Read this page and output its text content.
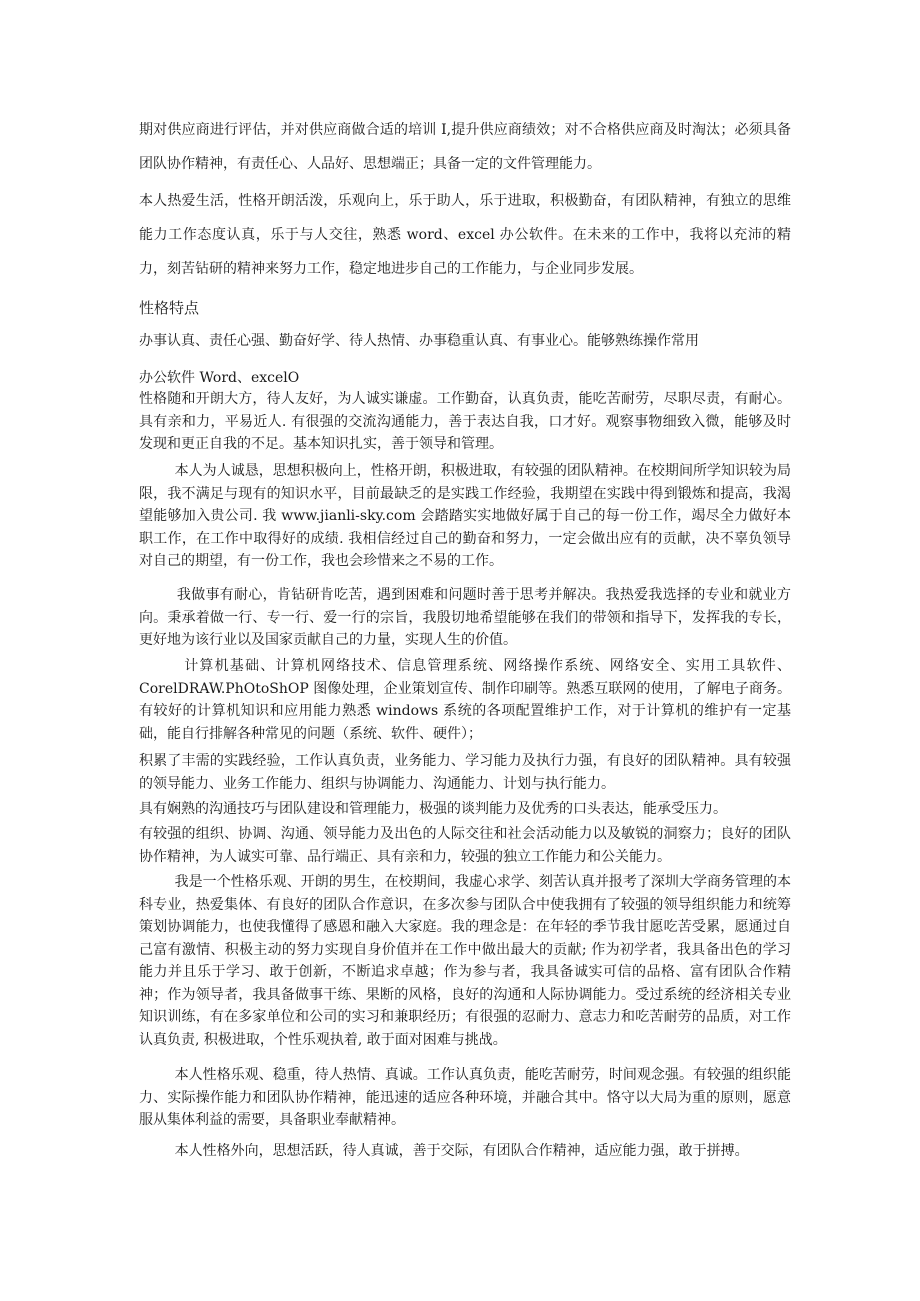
期对供应商进行评估，并对供应商做合适的培训 I,提升供应商绩效；对不合格供应商及时淘汰；必须具备团队协作精神，有责任心、人品好、思想端正；具备一定的文件管理能力。

本人热爱生活，性格开朗活泼，乐观向上，乐于助人，乐于进取，积极勤奋，有团队精神，有独立的思维能力工作态度认真，乐于与人交往，熟悉 word、excel 办公软件。在未来的工作中，我将以充沛的精力，刻苦钻研的精神来努力工作，稳定地进步自己的工作能力，与企业同步发展。

性格特点

办事认真、责任心强、勤奋好学、待人热情、办事稳重认真、有事业心。能够熟练操作常用

办公软件 Word、excelO

性格随和开朗大方，待人友好，为人诚实谦虚。工作勤奋，认真负责，能吃苦耐劳，尽职尽责，有耐心。具有亲和力，平易近人. 有很强的交流沟通能力，善于表达自我，口才好。观察事物细致入微，能够及时发现和更正自我的不足。基本知识扎实，善于领导和管理。

本人为人诚恳，思想积极向上，性格开朗，积极进取，有较强的团队精神。在校期间所学知识较为局限，我不满足与现有的知识水平，目前最缺乏的是实践工作经验，我期望在实践中得到锻炼和提高，我渴望能够加入贵公司. 我 www.jianli-sky.com 会踏踏实实地做好属于自己的每一份工作，竭尽全力做好本职工作，在工作中取得好的成绩. 我相信经过自己的勤奋和努力，一定会做出应有的贡献，决不辜负领导对自己的期望，有一份工作，我也会珍惜来之不易的工作。

我做事有耐心，肯钻研肯吃苦，遇到困难和问题时善于思考并解决。我热爱我选择的专业和就业方向。秉承着做一行、专一行、爱一行的宗旨，我殷切地希望能够在我们的带领和指导下，发挥我的专长，更好地为该行业以及国家贡献自己的力量，实现人生的价值。

计算机基础、计算机网络技术、信息管理系统、网络操作系统、网络安全、实用工具软件、CorelDRAW.PhOtoShOP 图像处理，企业策划宣传、制作印刷等。熟悉互联网的使用，了解电子商务。有较好的计算机知识和应用能力熟悉 windows 系统的各项配置维护工作，对于计算机的维护有一定基础，能自行排解各种常见的问题（系统、软件、硬件）；

积累了丰需的实践经验，工作认真负责，业务能力、学习能力及执行力强，有良好的团队精神。具有较强的领导能力、业务工作能力、组织与协调能力、沟通能力、计划与执行能力。

具有娴熟的沟通技巧与团队建设和管理能力，极强的谈判能力及优秀的口头表达，能承受压力。

有较强的组织、协调、沟通、领导能力及出色的人际交往和社会活动能力以及敏锐的洞察力；良好的团队协作精神，为人诚实可靠、品行端正、具有亲和力，较强的独立工作能力和公关能力。

我是一个性格乐观、开朗的男生，在校期间，我虚心求学、刻苦认真并报考了深圳大学商务管理的本科专业，热爱集体、有良好的团队合作意识，在多次参与团队合中使我拥有了较强的领导组织能力和统筹策划协调能力，也使我懂得了感恩和融入大家庭。我的理念是：在年轻的季节我甘愿吃苦受累，愿通过自己富有激情、积极主动的努力实现自身价值并在工作中做出最大的贡献; 作为初学者，我具备出色的学习能力并且乐于学习、敢于创新，不断追求卓越；作为参与者，我具备诚实可信的品格、富有团队合作精神；作为领导者，我具备做事干练、果断的风格，良好的沟通和人际协调能力。受过系统的经济相关专业知识训练，有在多家单位和公司的实习和兼职经历；有很强的忍耐力、意志力和吃苦耐劳的品质，对工作认真负责, 积极进取，个性乐观执着, 敢于面对困难与挑战。

本人性格乐观、稳重，待人热情、真诚。工作认真负责，能吃苦耐劳，时间观念强。有较强的组织能力、实际操作能力和团队协作精神，能迅速的适应各种环境，并融合其中。恪守以大局为重的原则，愿意服从集体利益的需要，具备职业奉献精神。

本人性格外向，思想活跃，待人真诚，善于交际，有团队合作精神，适应能力强，敢于拼搏。
